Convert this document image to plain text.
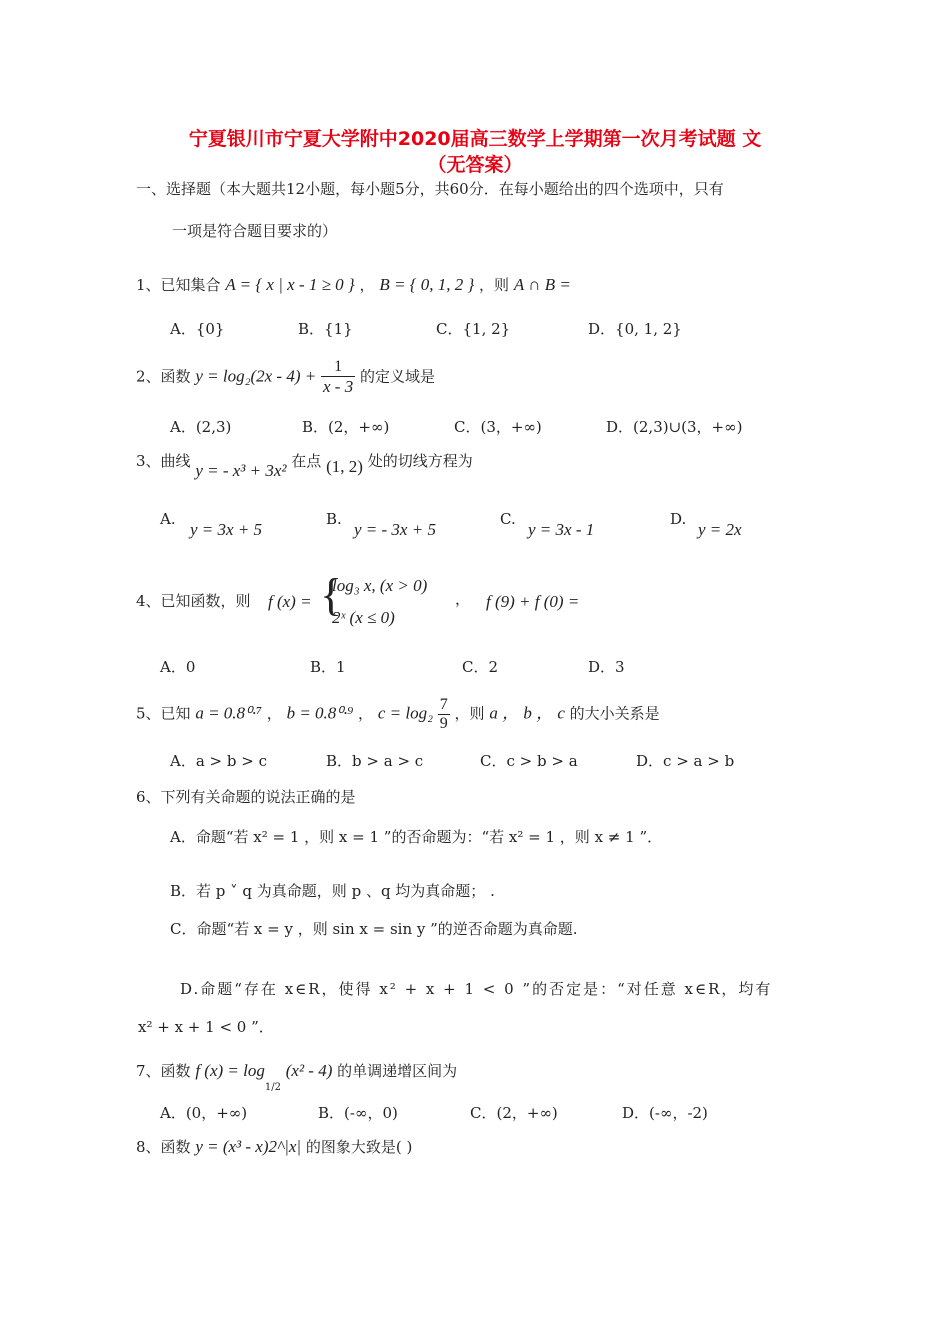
宁夏银川市宁夏大学附中2020届高三数学上学期第一次月考试题 文
（无答案）
一、选择题（本大题共12小题，每小题5分，共60分．在每小题给出的四个选项中，只有
一项是符合题目要求的）
1、已知集合 A = { x | x - 1 ≥ 0 } ， B = { 0, 1, 2 } ，则 A ∩ B =
A．{0}	B．{1}	C．{1, 2}	D．{0, 1, 2}
2、函数 $y = \log_2(2x - 4) + \frac{1}{x - 3}$ 的定义域是
A．(2,3)	B．(2，+∞)	C．(3，+∞)	D．(2,3)∪(3，+∞)
3、曲线 y = - x³ + 3x² 在点 (1, 2) 处的切线方程为
A.
y = 3x + 5
B.
y = - 3x + 5
C.
y = 3x - 1
D.
y = 2x
4、已知函数，则 f (x) = {
log₃ x, (x > 0)
2ˣ (x ≤ 0)
， f (9) + f (0) =
A．0	B．1	C．2	D．3
5、已知 a = 0.8⁰·⁷ ， b = 0.8⁰·⁹ ， $c = \log_2 \frac{7}{9}$ ，则 a ， b ， c 的大小关系是
A．a > b > c	B．b > a > c	C．c > b > a	D．c > a > b
6、下列有关命题的说法正确的是
A．命题“若 x² = 1 ，则 x = 1 ”的否命题为：“若 x² = 1 ，则 x ≠ 1 ”．
B．若 p ˅ q 为真命题，则 p 、q 均为真命题； .
C．命题“若 x = y ，则 sin x = sin y ”的逆否命题为真命题.
D.命题“存在 x∈R，使得 x² + x + 1 < 0 ”的否定是：“对任意 x∈R，均有
x² + x + 1 < 0 ”．
7、函数 f $(x) = \log_{1/2} (x^2 - 4)$ 的单调递增区间为
A．(0，+∞)	B．(-∞，0)	C．(2，+∞)	D．(-∞，-2)
8、函数 y = (x³ - x)2^|x| 的图象大致是( )
